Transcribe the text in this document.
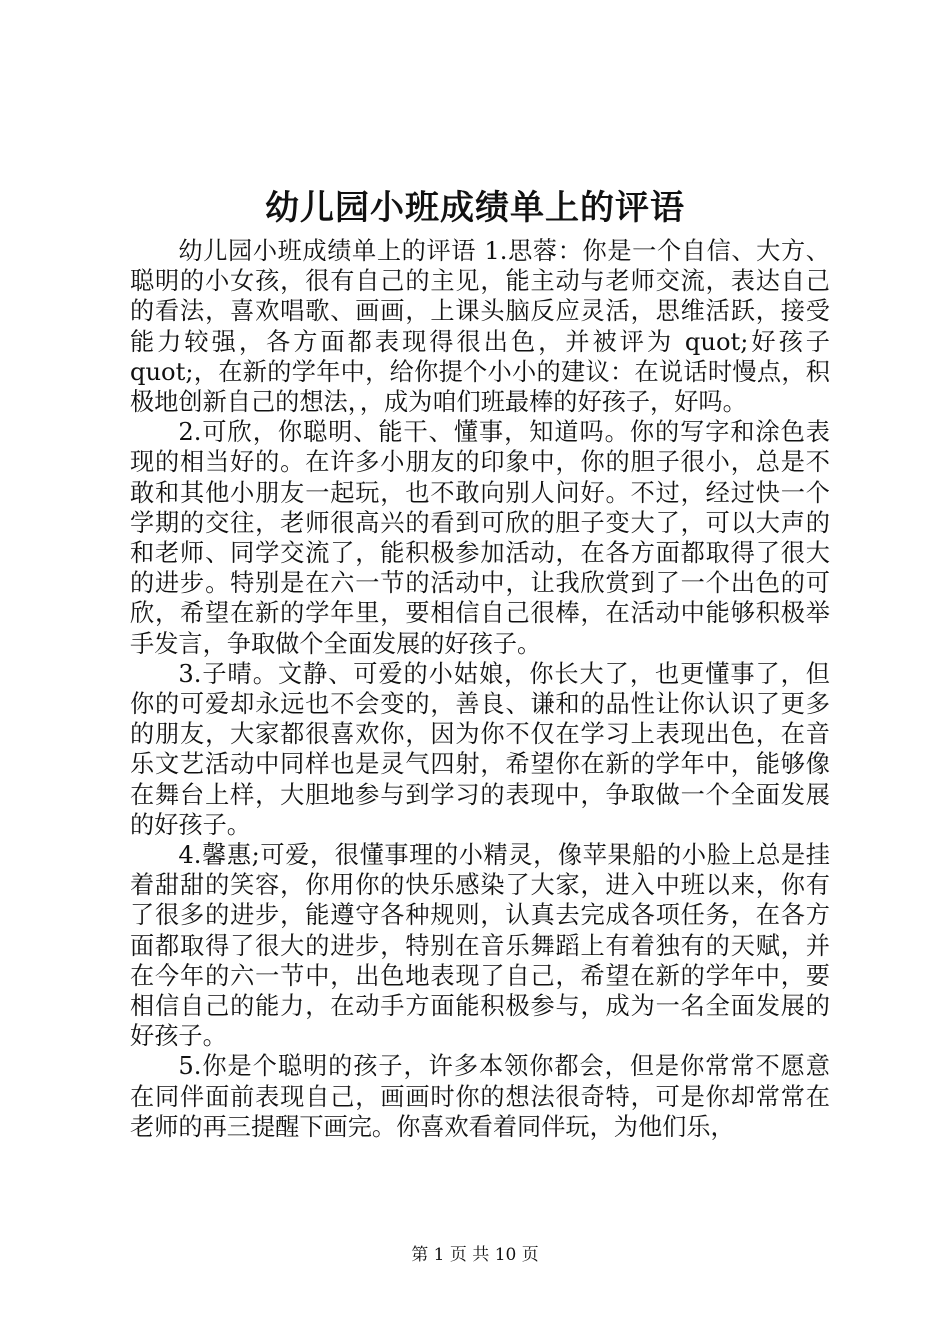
幼儿园小班成绩单上的评语

幼儿园小班成绩单上的评语 1.思蓉：你是一个自信、大方、聪明的小女孩，很有自己的主见，能主动与老师交流，表达自己的看法，喜欢唱歌、画画，上课头脑反应灵活，思维活跃，接受能力较强，各方面都表现得很出色，并被评为 quot;好孩子 quot;，在新的学年中，给你提个小小的建议：在说话时慢点，积极地创新自己的想法，，成为咱们班最棒的好孩子，好吗。

2.可欣，你聪明、能干、懂事，知道吗。你的写字和涂色表现的相当好的。在许多小朋友的印象中，你的胆子很小，总是不敢和其他小朋友一起玩，也不敢向别人问好。不过，经过快一个学期的交往，老师很高兴的看到可欣的胆子变大了，可以大声的和老师、同学交流了，能积极参加活动，在各方面都取得了很大的进步。特别是在六一节的活动中，让我欣赏到了一个出色的可欣，希望在新的学年里，要相信自己很棒，在活动中能够积极举手发言，争取做个全面发展的好孩子。

3.子晴。文静、可爱的小姑娘，你长大了，也更懂事了，但你的可爱却永远也不会变的，善良、谦和的品性让你认识了更多的朋友，大家都很喜欢你，因为你不仅在学习上表现出色，在音乐文艺活动中同样也是灵气四射，希望你在新的学年中，能够像在舞台上样，大胆地参与到学习的表现中，争取做一个全面发展的好孩子。

4.馨惠;可爱，很懂事理的小精灵，像苹果船的小脸上总是挂着甜甜的笑容，你用你的快乐感染了大家，进入中班以来，你有了很多的进步，能遵守各种规则，认真去完成各项任务，在各方面都取得了很大的进步，特别在音乐舞蹈上有着独有的天赋，并在今年的六一节中，出色地表现了自己，希望在新的学年中，要相信自己的能力，在动手方面能积极参与，成为一名全面发展的好孩子。

5.你是个聪明的孩子，许多本领你都会，但是你常常不愿意在同伴面前表现自己，画画时你的想法很奇特，可是你却常常在老师的再三提醒下画完。你喜欢看着同伴玩，为他们乐，

第 1 页 共 10 页
